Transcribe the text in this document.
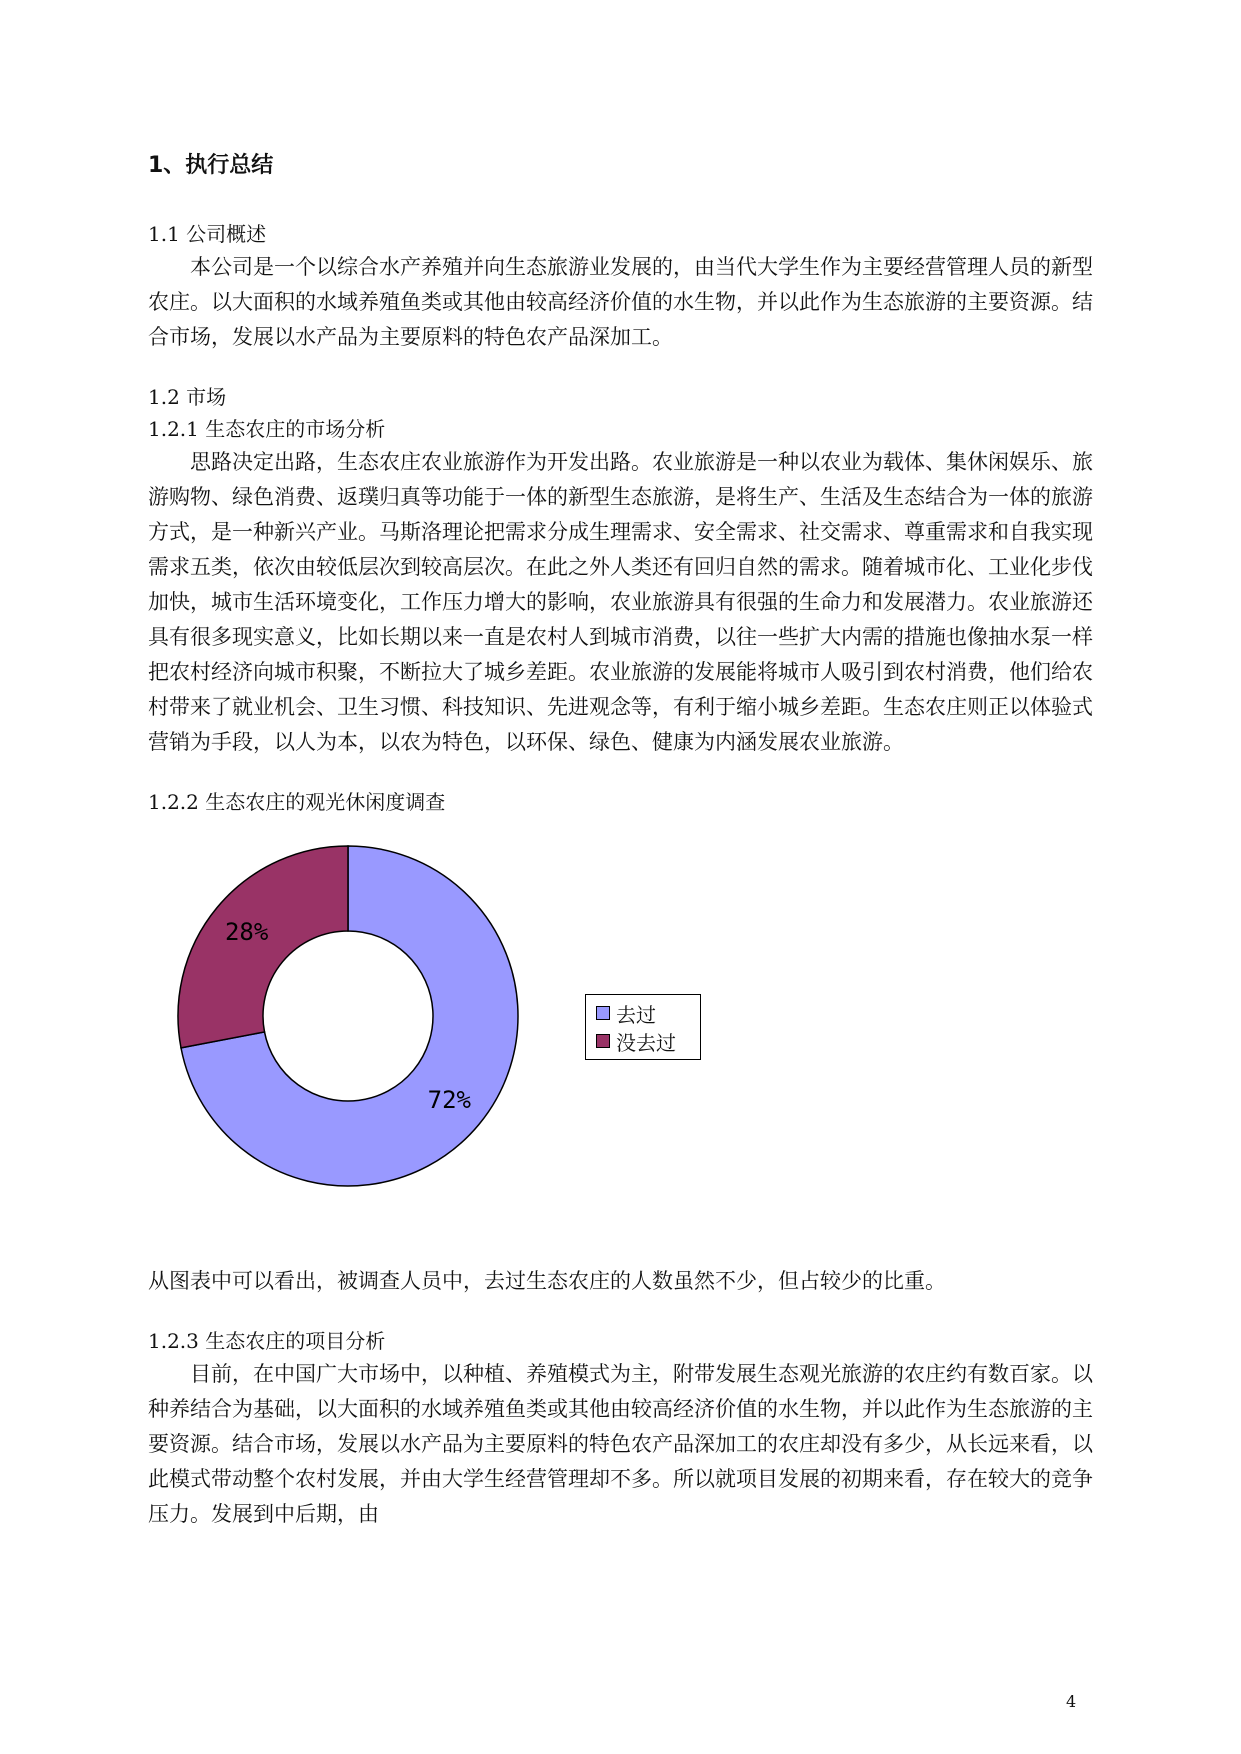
1、执行总结
1.1 公司概述

本公司是一个以综合水产养殖并向生态旅游业发展的，由当代大学生作为主要经营管理人员的新型农庄。以大面积的水域养殖鱼类或其他由较高经济价值的水生物，并以此作为生态旅游的主要资源。结合市场，发展以水产品为主要原料的特色农产品深加工。

1.2 市场
1.2.1 生态农庄的市场分析

思路决定出路，生态农庄农业旅游作为开发出路。农业旅游是一种以农业为载体、集休闲娱乐、旅游购物、绿色消费、返璞归真等功能于一体的新型生态旅游，是将生产、生活及生态结合为一体的旅游方式，是一种新兴产业。马斯洛理论把需求分成生理需求、安全需求、社交需求、尊重需求和自我实现需求五类，依次由较低层次到较高层次。在此之外人类还有回归自然的需求。随着城市化、工业化步伐加快，城市生活环境变化，工作压力增大的影响，农业旅游具有很强的生命力和发展潜力。农业旅游还具有很多现实意义，比如长期以来一直是农村人到城市消费，以往一些扩大内需的措施也像抽水泵一样把农村经济向城市积聚，不断拉大了城乡差距。农业旅游的发展能将城市人吸引到农村消费，他们给农村带来了就业机会、卫生习惯、科技知识、先进观念等，有利于缩小城乡差距。生态农庄则正以体验式营销为手段，以人为本，以农为特色，以环保、绿色、健康为内涵发展农业旅游。

1.2.2 生态农庄的观光休闲度调查
72%
28%
去过
没去过

从图表中可以看出，被调查人员中，去过生态农庄的人数虽然不少，但占较少的比重。

1.2.3 生态农庄的项目分析

目前，在中国广大市场中，以种植、养殖模式为主，附带发展生态观光旅游的农庄约有数百家。以种养结合为基础，以大面积的水域养殖鱼类或其他由较高经济价值的水生物，并以此作为生态旅游的主要资源。结合市场，发展以水产品为主要原料的特色农产品深加工的农庄却没有多少，从长远来看，以此模式带动整个农村发展，并由大学生经营管理却不多。所以就项目发展的初期来看，存在较大的竞争压力。发展到中后期，由

4
